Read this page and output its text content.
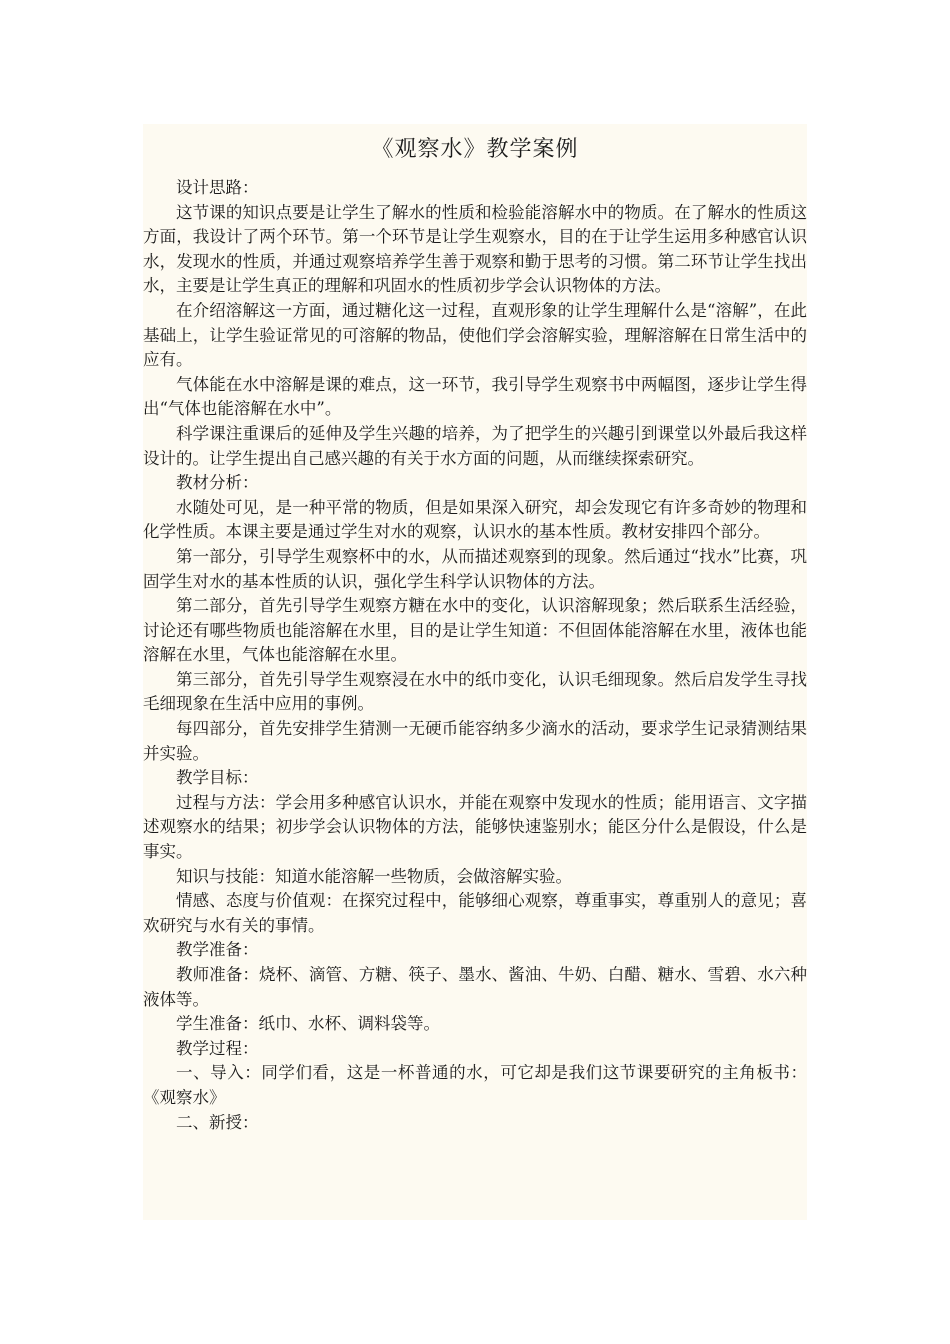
《观察水》教学案例

设计思路：

这节课的知识点要是让学生了解水的性质和检验能溶解水中的物质。在了解水的性质这方面，我设计了两个环节。第一个环节是让学生观察水，目的在于让学生运用多种感官认识水，发现水的性质，并通过观察培养学生善于观察和勤于思考的习惯。第二环节让学生找出水，主要是让学生真正的理解和巩固水的性质初步学会认识物体的方法。

在介绍溶解这一方面，通过糖化这一过程，直观形象的让学生理解什么是“溶解”，在此基础上，让学生验证常见的可溶解的物品，使他们学会溶解实验，理解溶解在日常生活中的应有。

气体能在水中溶解是课的难点，这一环节，我引导学生观察书中两幅图，逐步让学生得出“气体也能溶解在水中”。

科学课注重课后的延伸及学生兴趣的培养，为了把学生的兴趣引到课堂以外最后我这样设计的。让学生提出自己感兴趣的有关于水方面的问题，从而继续探索研究。

教材分析：

水随处可见，是一种平常的物质，但是如果深入研究，却会发现它有许多奇妙的物理和化学性质。本课主要是通过学生对水的观察，认识水的基本性质。教材安排四个部分。

第一部分，引导学生观察杯中的水，从而描述观察到的现象。然后通过“找水”比赛，巩固学生对水的基本性质的认识，强化学生科学认识物体的方法。

第二部分，首先引导学生观察方糖在水中的变化，认识溶解现象；然后联系生活经验，讨论还有哪些物质也能溶解在水里，目的是让学生知道：不但固体能溶解在水里，液体也能溶解在水里，气体也能溶解在水里。

第三部分，首先引导学生观察浸在水中的纸巾变化，认识毛细现象。然后启发学生寻找毛细现象在生活中应用的事例。

每四部分，首先安排学生猜测一无硬币能容纳多少滴水的活动，要求学生记录猜测结果并实验。

教学目标：

过程与方法：学会用多种感官认识水，并能在观察中发现水的性质；能用语言、文字描述观察水的结果；初步学会认识物体的方法，能够快速鉴别水；能区分什么是假设，什么是事实。

知识与技能：知道水能溶解一些物质，会做溶解实验。

情感、态度与价值观：在探究过程中，能够细心观察，尊重事实，尊重别人的意见；喜欢研究与水有关的事情。

教学准备：

教师准备：烧杯、滴管、方糖、筷子、墨水、酱油、牛奶、白醋、糖水、雪碧、水六种液体等。

学生准备：纸巾、水杯、调料袋等。

教学过程：

一、导入：同学们看，这是一杯普通的水，可它却是我们这节课要研究的主角板书：《观察水》

二、新授：
